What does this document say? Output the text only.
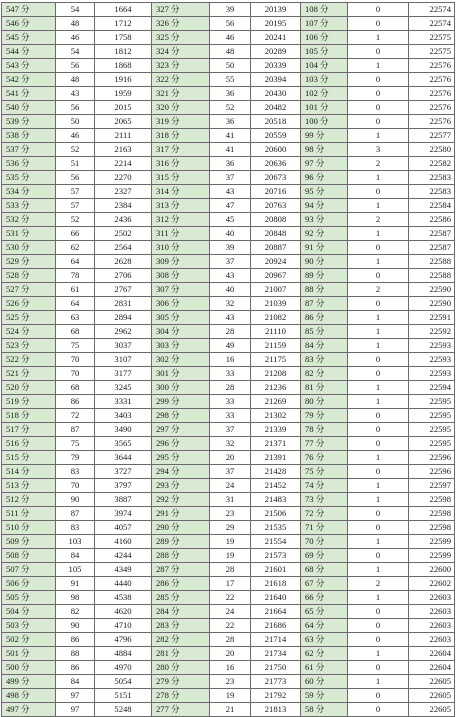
547 分	54	1664	327 分	39	20139	108 分	0	22574
546 分	48	1712	326 分	56	20195	107 分	0	22574
545 分	46	1758	325 分	46	20241	106 分	1	22575
544 分	54	1812	324 分	48	20289	105 分	0	22575
543 分	56	1868	323 分	50	20339	104 分	1	22576
542 分	48	1916	322 分	55	20394	103 分	0	22576
541 分	43	1959	321 分	36	20430	102 分	0	22576
540 分	56	2015	320 分	52	20482	101 分	0	22576
539 分	50	2065	319 分	36	20518	100 分	0	22576
538 分	46	2111	318 分	41	20559	99 分	1	22577
537 分	52	2163	317 分	41	20600	98 分	3	22580
536 分	51	2214	316 分	36	20636	97 分	2	22582
535 分	56	2270	315 分	37	20673	96 分	1	22583
534 分	57	2327	314 分	43	20716	95 分	0	22583
533 分	57	2384	313 分	47	20763	94 分	1	22584
532 分	52	2436	312 分	45	20808	93 分	2	22586
531 分	66	2502	311 分	40	20848	92 分	1	22587
530 分	62	2564	310 分	39	20887	91 分	0	22587
529 分	64	2628	309 分	37	20924	90 分	1	22588
528 分	78	2706	308 分	43	20967	89 分	0	22588
527 分	61	2767	307 分	40	21007	88 分	2	22590
526 分	64	2831	306 分	32	21039	87 分	0	22590
525 分	63	2894	305 分	43	21082	86 分	1	22591
524 分	68	2962	304 分	28	21110	85 分	1	22592
523 分	75	3037	303 分	49	21159	84 分	1	22593
522 分	70	3107	302 分	16	21175	83 分	0	22593
521 分	70	3177	301 分	33	21208	82 分	0	22593
520 分	68	3245	300 分	28	21236	81 分	1	22594
519 分	86	3331	299 分	33	21269	80 分	1	22595
518 分	72	3403	298 分	33	21302	79 分	0	22595
517 分	87	3490	297 分	37	21339	78 分	0	22595
516 分	75	3565	296 分	32	21371	77 分	0	22595
515 分	79	3644	295 分	20	21391	76 分	1	22596
514 分	83	3727	294 分	37	21428	75 分	0	22596
513 分	70	3797	293 分	24	21452	74 分	1	22597
512 分	90	3887	292 分	31	21483	73 分	1	22598
511 分	87	3974	291 分	23	21506	72 分	0	22598
510 分	83	4057	290 分	29	21535	71 分	0	22598
509 分	103	4160	289 分	19	21554	70 分	1	22599
508 分	84	4244	288 分	19	21573	69 分	0	22599
507 分	105	4349	287 分	28	21601	68 分	1	22600
506 分	91	4440	286 分	17	21618	67 分	2	22602
505 分	98	4538	285 分	22	21640	66 分	1	22603
504 分	82	4620	284 分	24	21664	65 分	0	22603
503 分	90	4710	283 分	22	21686	64 分	0	22603
502 分	86	4796	282 分	28	21714	63 分	0	22603
501 分	88	4884	281 分	20	21734	62 分	1	22604
500 分	86	4970	280 分	16	21750	61 分	0	22604
499 分	84	5054	279 分	23	21773	60 分	1	22605
498 分	97	5151	278 分	19	21792	59 分	0	22605
497 分	97	5248	277 分	21	21813	58 分	0	22605
